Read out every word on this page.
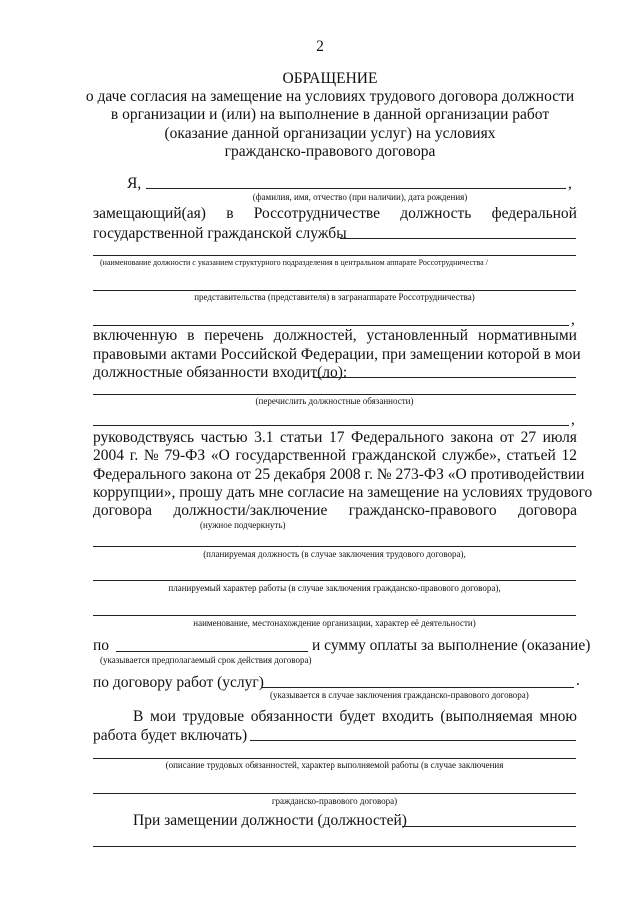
2
ОБРАЩЕНИЕ
о даче согласия на замещение на условиях трудового договора должности
в организации и (или) на выполнение в данной организации работ
(оказание данной организации услуг) на условиях
гражданско-правового договора
Я,	,
(фамилия, имя, отчество (при наличии), дата рождения)
замещающий(ая) в Россотрудничестве должность федеральной
государственной гражданской службы
(наименование должности с указанием структурного подразделения в центральном аппарате Россотрудничества /
представительства (представителя) в загранаппарате Россотрудничества)
,
включенную в перечень должностей, установленный нормативными
правовыми актами Российской Федерации, при замещении которой в мои
должностные обязанности входит(ло):
(перечислить должностные обязанности)
,
руководствуясь частью 3.1 статьи 17 Федерального закона от 27 июля
2004 г. № 79-ФЗ «О государственной гражданской службе», статьей 12
Федерального закона от 25 декабря 2008 г. № 273-ФЗ «О противодействии
коррупции», прошу дать мне согласие на замещение на условиях трудового
договора должности/заключение гражданско-правового договора
(нужное подчеркнуть)
(планируемая должность (в случае заключения трудового договора),
планируемый характер работы (в случае заключения гражданско-правового договора),
наименование, местонахождение организации, характер её деятельности)
по	и сумму оплаты за выполнение (оказание)
(указывается предполагаемый срок действия договора)
по договору работ (услуг)	.
(указывается в случае заключения гражданско-правового договора)
В мои трудовые обязанности будет входить (выполняемая мною
работа будет включать)
(описание трудовых обязанностей, характер выполняемой работы (в случае заключения
гражданско-правового договора)
При замещении должности (должностей)
